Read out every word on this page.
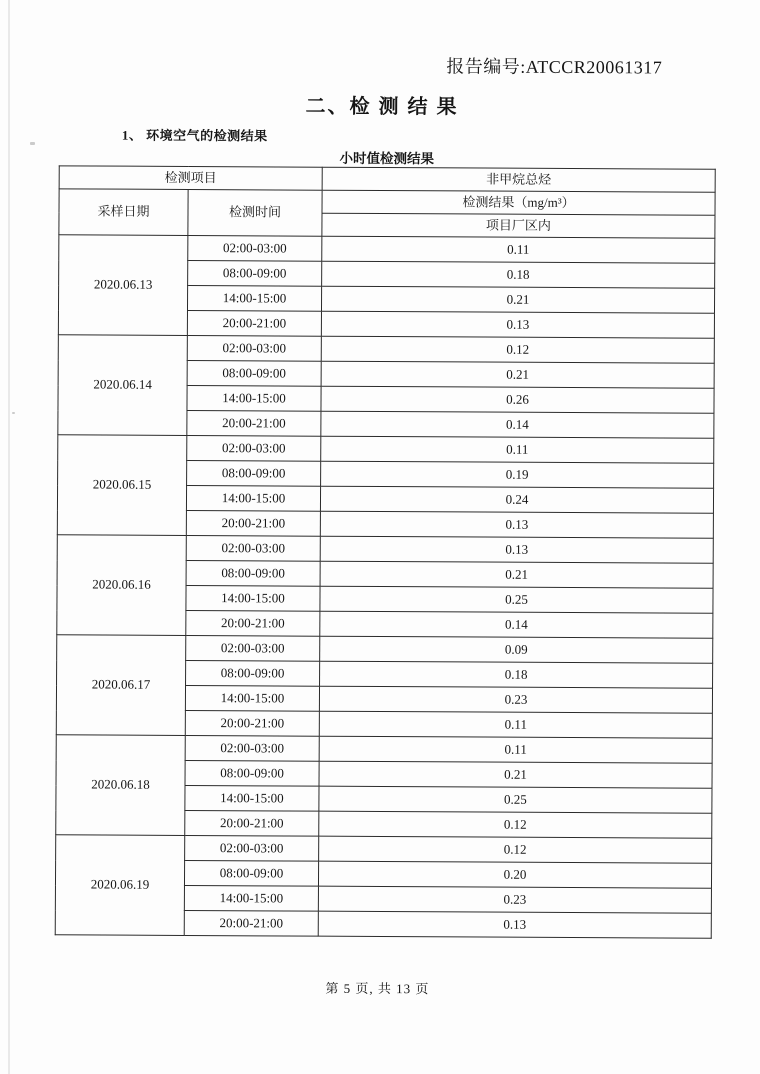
报告编号:ATCCR20061317
二、检 测 结 果
1、 环境空气的检测结果
小时值检测结果
检测项目		非甲烷总烃
采样日期	检测时间	检测结果（mg/m³）
		项目厂区内
2020.06.13	02:00-03:00	0.11
	08:00-09:00	0.18
	14:00-15:00	0.21
	20:00-21:00	0.13
2020.06.14	02:00-03:00	0.12
	08:00-09:00	0.21
	14:00-15:00	0.26
	20:00-21:00	0.14
2020.06.15	02:00-03:00	0.11
	08:00-09:00	0.19
	14:00-15:00	0.24
	20:00-21:00	0.13
2020.06.16	02:00-03:00	0.13
	08:00-09:00	0.21
	14:00-15:00	0.25
	20:00-21:00	0.14
2020.06.17	02:00-03:00	0.09
	08:00-09:00	0.18
	14:00-15:00	0.23
	20:00-21:00	0.11
2020.06.18	02:00-03:00	0.11
	08:00-09:00	0.21
	14:00-15:00	0.25
	20:00-21:00	0.12
2020.06.19	02:00-03:00	0.12
	08:00-09:00	0.20
	14:00-15:00	0.23
	20:00-21:00	0.13
第 5 页, 共 13 页
